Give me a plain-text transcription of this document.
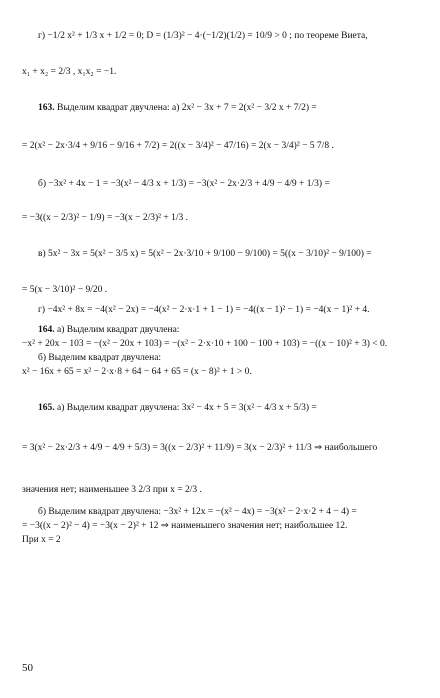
г) −1/2 x² + 1/3 x + 1/2 = 0; D = (1/3)² − 4·(−1/2)(1/2) = 10/9 > 0 ; по теореме Виета,
x₁ + x₂ = 2/3 , x₁x₂ = −1.
163. Выделим квадрат двучлена: а) 2x² − 3x + 7 = 2(x² − 3/2 x + 7/2) =
= 2(x² − 2x·3/4 + 9/16 − 9/16 + 7/2) = 2((x − 3/4)² − 47/16) = 2(x − 3/4)² − 5 7/8 .
б) −3x² + 4x − 1 = −3(x² − 4/3 x + 1/3) = −3(x² − 2x·2/3 + 4/9 − 4/9 + 1/3) =
= −3((x − 2/3)² − 1/9) = −3(x − 2/3)² + 1/3 .
в) 5x² − 3x = 5(x² − 3/5 x) = 5(x² − 2x·3/10 + 9/100 − 9/100) = 5((x − 3/10)² − 9/100) =
= 5(x − 3/10)² − 9/20 .
г) −4x² + 8x = −4(x² − 2x) = −4(x² − 2·x·1 + 1 − 1) = −4((x − 1)² − 1) = −4(x − 1)² + 4.
164. а) Выделим квадрат двучлена:
−x² + 20x − 103 = −(x² − 20x + 103) = −(x² − 2·x·10 + 100 − 100 + 103) = −((x − 10)² + 3) < 0.
б) Выделим квадрат двучлена:
x² − 16x + 65 = x² − 2·x·8 + 64 − 64 + 65 = (x − 8)² + 1 > 0.
165. а) Выделим квадрат двучлена: 3x² − 4x + 5 = 3(x² − 4/3 x + 5/3) =
= 3(x² − 2x·2/3 + 4/9 − 4/9 + 5/3) = 3((x − 2/3)² + 11/9) = 3(x − 2/3)² + 11/3 ⇒ наибольшего
значения нет; наименьшее 3 2/3 при x = 2/3 .
б) Выделим квадрат двучлена: −3x² + 12x = −(x² − 4x) = −3(x² − 2·x·2 + 4 − 4) =
= −3((x − 2)² − 4) = −3(x − 2)² + 12 ⇒ наименьшего значения нет; наибольшее 12.
При x = 2
50
